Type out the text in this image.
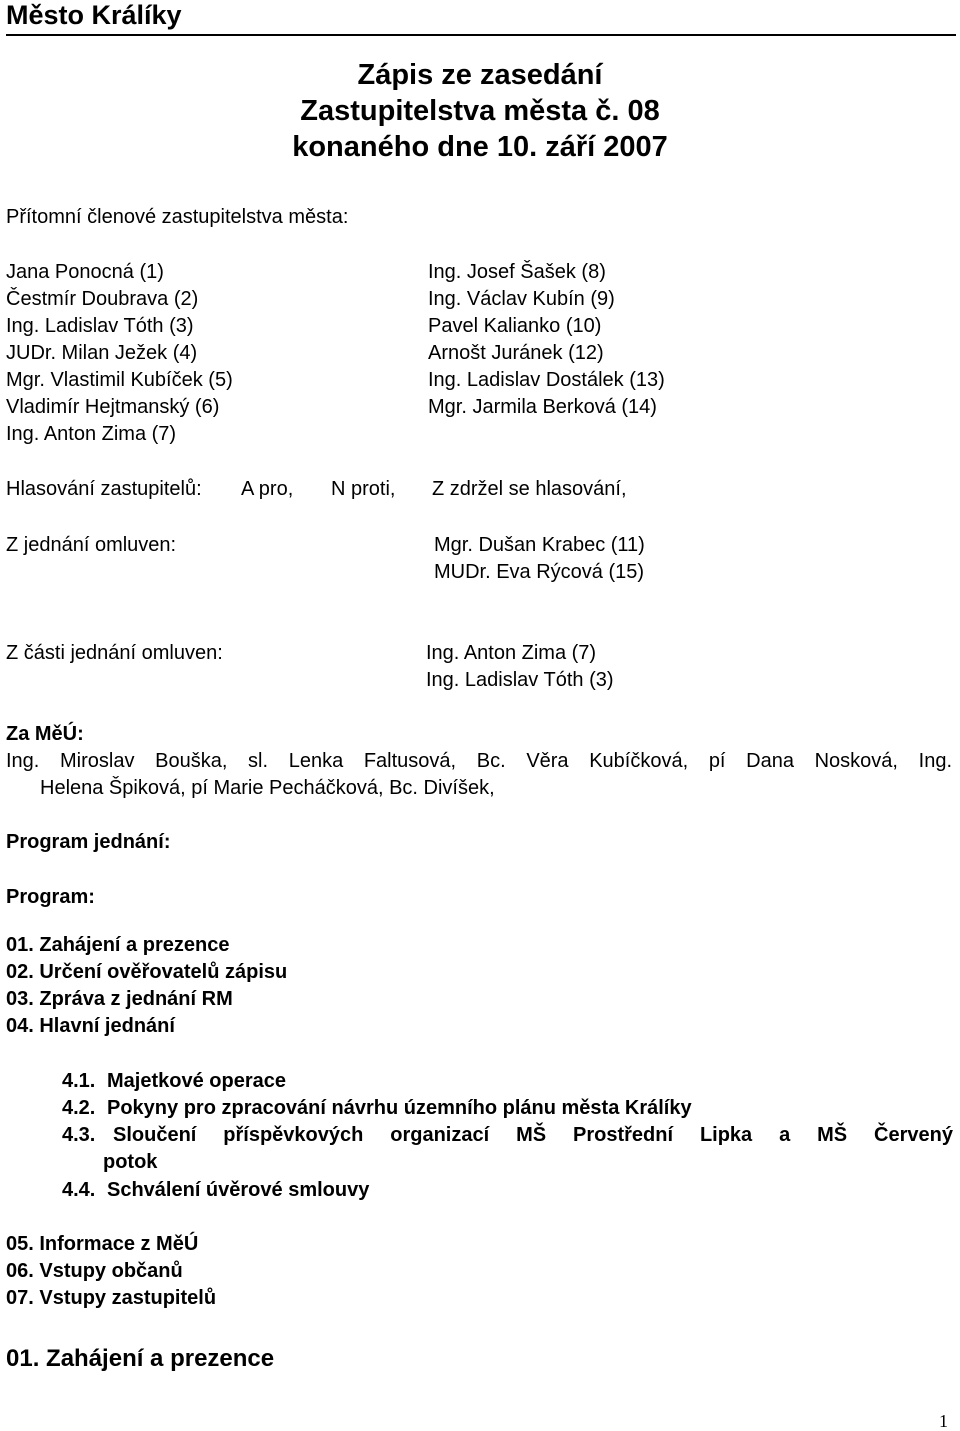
Město Králíky
Zápis ze zasedání
Zastupitelstva města č. 08
konaného dne 10. září 2007
Přítomní členové zastupitelstva města:
Jana Ponocná (1)
Čestmír Doubrava (2)
Ing. Ladislav Tóth (3)
JUDr. Milan Ježek (4)
Mgr. Vlastimil Kubíček (5)
Vladimír Hejtmanský (6)
Ing. Anton Zima (7)
Ing. Josef Šašek (8)
Ing. Václav Kubín (9)
Pavel Kalianko (10)
Arnošt Juránek (12)
Ing. Ladislav Dostálek (13)
Mgr. Jarmila Berková (14)
Hlasování zastupitelů: A pro, N proti, Z zdržel se hlasování,
Z jednání omluven:	Mgr. Dušan Krabec (11)
MUDr. Eva Rýcová (15)
Z části jednání omluven:	Ing. Anton Zima (7)
Ing. Ladislav Tóth (3)
Za MěÚ:
Ing. Miroslav Bouška, sl. Lenka Faltusová, Bc. Věra Kubíčková, pí Dana Nosková, Ing.
Helena Špiková, pí Marie Pecháčková, Bc. Divíšek,
Program jednání:
Program:
01. Zahájení a prezence
02. Určení ověřovatelů zápisu
03. Zpráva z jednání RM
04. Hlavní jednání
4.1. Majetkové operace
4.2. Pokyny pro zpracování návrhu územního plánu města Králíky
4.3. Sloučení příspěvkových organizací MŠ Prostřední Lipka a MŠ Červený
potok
4.4. Schválení úvěrové smlouvy
05. Informace z MěÚ
06. Vstupy občanů
07. Vstupy zastupitelů
01. Zahájení a prezence
1
